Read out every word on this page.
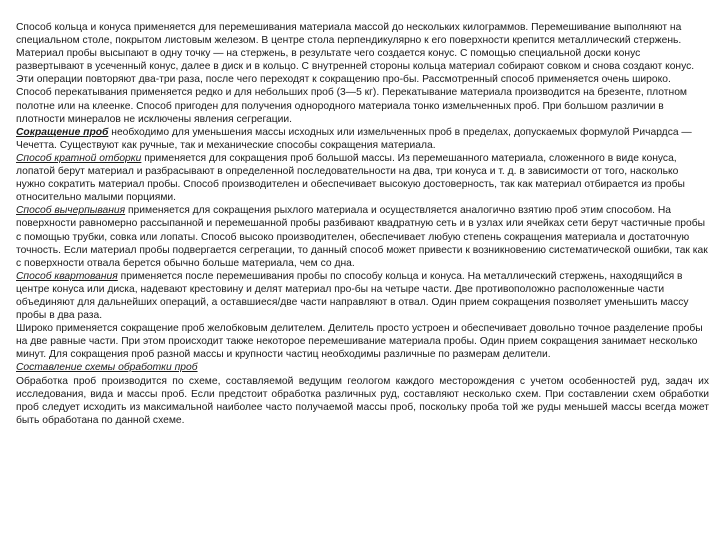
Способ кольца и конуса применяется для перемешивания материала массой до нескольких килограммов. Перемешивание выполняют на специальном столе, покрытом листовым железом. В центре стола перпендикулярно к его поверхности крепится металлический стержень. Материал пробы высыпают в одну точку — на стержень, в результате чего создается конус. С помощью специальной доски конус развертывают в усеченный конус, далее в диск и в кольцо. С внутренней стороны кольца материал собирают совком и снова создают конус. Эти операции повторяют два-три раза, после чего переходят к сокращению про-бы. Рассмотренный способ применяется очень широко. Способ перекатывания применяется редко и для небольших проб (3—5 кг). Перекатывание материала производится на брезенте, плотном полотне или на клеенке. Способ пригоден для получения однородного материала тонко измельченных проб. При большом различии в плотности минералов не исключены явления сегрегации.

Сокращение проб необходимо для уменьшения массы исходных или измельченных проб в пределах, допускаемых формулой Ричардса — Чечетта. Существуют как ручные, так и механические способы сокращения материала.

Способ кратной отборки применяется для сокращения проб большой массы. Из перемешанного материала, сложенного в виде конуса, лопатой берут материал и разбрасывают в определенной последовательности на два, три конуса и т. д. в зависимости от того, насколько нужно сократить материал пробы. Способ производителен и обеспечивает высокую достоверность, так как материал отбирается из пробы относительно малыми порциями.

Способ вычерпывания применяется для сокращения рыхлого материала и осуществляется аналогично взятию проб этим способом. На поверхности равномерно рассыпанной и перемешанной пробы разбивают квадратную сеть и в узлах или ячейках сети берут частичные пробы с помощью трубки, совка или лопаты. Способ высоко производителен, обеспечивает любую степень сокращения материала и достаточную точность. Если материал пробы подвергается сегрегации, то данный способ может привести к возникновению систематической ошибки, так как с поверхности отвала берется обычно больше материала, чем со дна.

Способ квартования применяется после перемешивания пробы по способу кольца и конуса. На металлический стержень, находящийся в центре конуса или диска, надевают крестовину и делят материал про-бы на четыре части. Две противоположно расположенные части объединяют для дальнейших операций, а оставшиеся/две части направляют в отвал. Один прием сокращения позволяет уменьшить массу пробы в два раза.

Широко применяется сокращение проб желобковым делителем. Делитель просто устроен и обеспечивает довольно точное разделение пробы на две равные части. При этом происходит также некоторое перемешивание материала пробы. Один прием сокращения занимает несколько минут. Для сокращения проб разной массы и крупности частиц необходимы различные по размерам делители.

Составление схемы обработки проб

Обработка проб производится по схеме, составляемой ведущим геологом каждого месторождения с учетом особенностей руд, задач их исследования, вида и массы проб. Если предстоит обработка различных руд, составляют несколько схем. При составлении схем обработки проб следует исходить из максимальной наиболее часто получаемой массы проб, поскольку проба той же руды меньшей массы всегда может быть обработана по данной схеме.
